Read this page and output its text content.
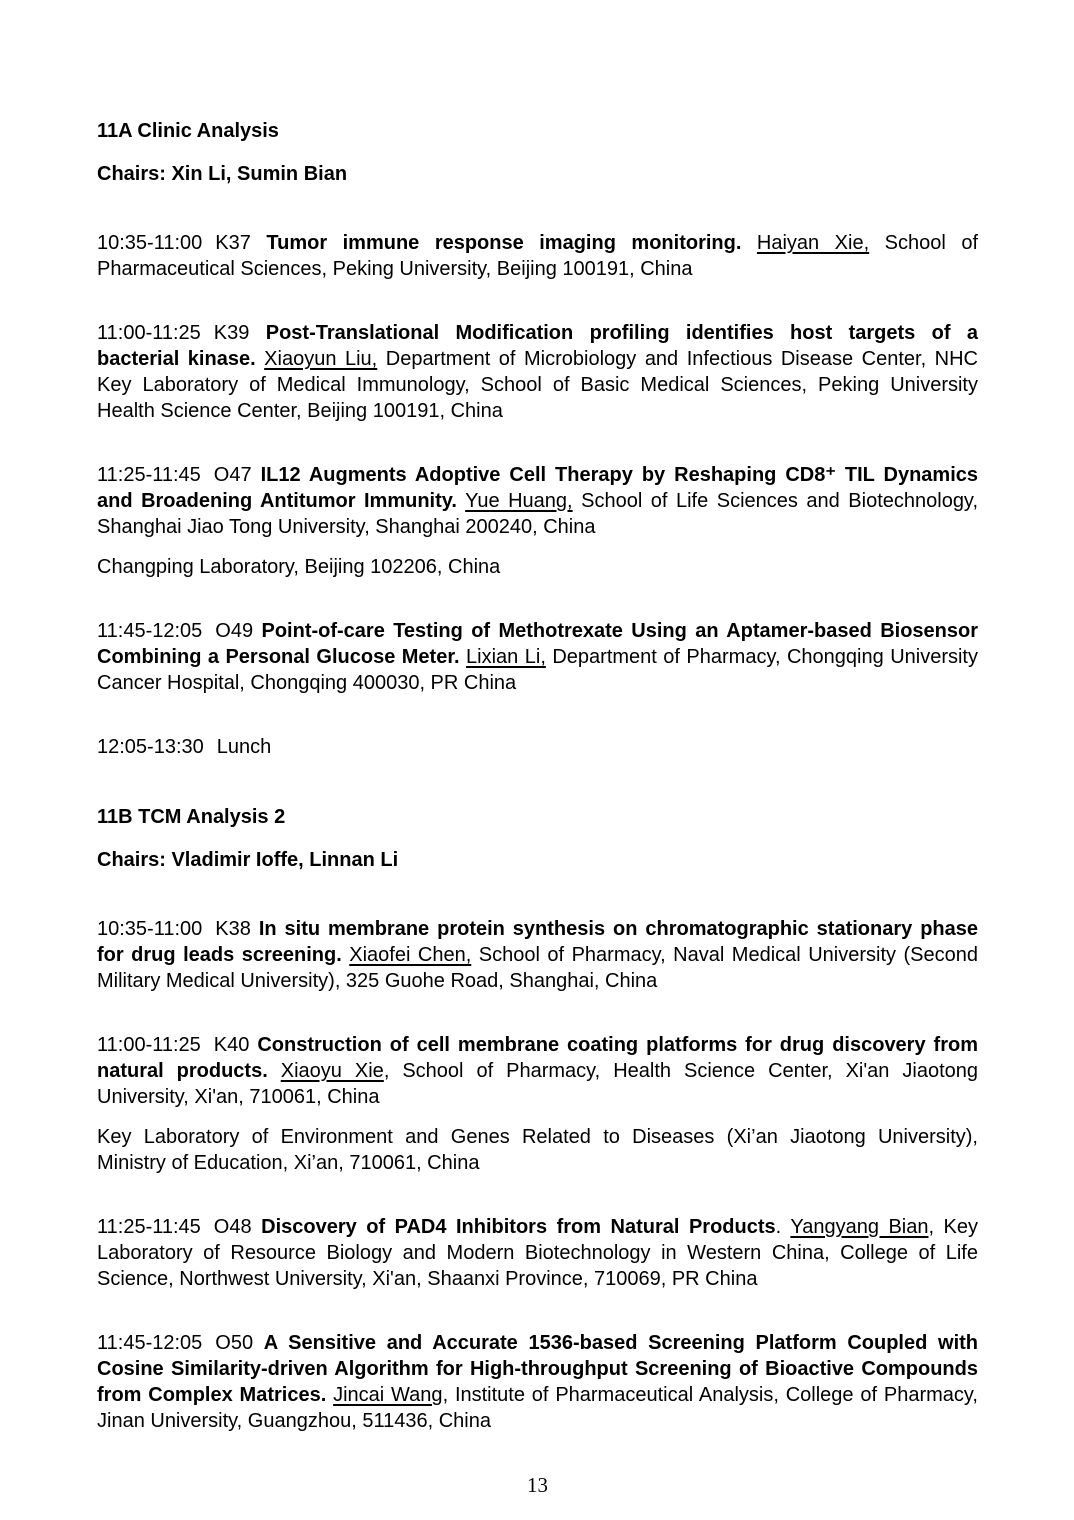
11A Clinic Analysis

Chairs: Xin Li, Sumin Bian

10:35-11:00 K37 Tumor immune response imaging monitoring. Haiyan Xie, School of Pharmaceutical Sciences, Peking University, Beijing 100191, China

11:00-11:25 K39 Post-Translational Modification profiling identifies host targets of a bacterial kinase. Xiaoyun Liu, Department of Microbiology and Infectious Disease Center, NHC Key Laboratory of Medical Immunology, School of Basic Medical Sciences, Peking University Health Science Center, Beijing 100191, China

11:25-11:45 O47 IL12 Augments Adoptive Cell Therapy by Reshaping CD8⁺ TIL Dynamics and Broadening Antitumor Immunity. Yue Huang, School of Life Sciences and Biotechnology, Shanghai Jiao Tong University, Shanghai 200240, China

Changping Laboratory, Beijing 102206, China

11:45-12:05 O49 Point-of-care Testing of Methotrexate Using an Aptamer-based Biosensor Combining a Personal Glucose Meter. Lixian Li, Department of Pharmacy, Chongqing University Cancer Hospital, Chongqing 400030, PR China

12:05-13:30 Lunch

11B TCM Analysis 2

Chairs: Vladimir Ioffe, Linnan Li

10:35-11:00 K38 In situ membrane protein synthesis on chromatographic stationary phase for drug leads screening. Xiaofei Chen, School of Pharmacy, Naval Medical University (Second Military Medical University), 325 Guohe Road, Shanghai, China

11:00-11:25 K40 Construction of cell membrane coating platforms for drug discovery from natural products. Xiaoyu Xie, School of Pharmacy, Health Science Center, Xi'an Jiaotong University, Xi'an, 710061, China

Key Laboratory of Environment and Genes Related to Diseases (Xi’an Jiaotong University), Ministry of Education, Xi’an, 710061, China

11:25-11:45 O48 Discovery of PAD4 Inhibitors from Natural Products. Yangyang Bian, Key Laboratory of Resource Biology and Modern Biotechnology in Western China, College of Life Science, Northwest University, Xi'an, Shaanxi Province, 710069, PR China

11:45-12:05 O50 A Sensitive and Accurate 1536-based Screening Platform Coupled with Cosine Similarity-driven Algorithm for High-throughput Screening of Bioactive Compounds from Complex Matrices. Jincai Wang, Institute of Pharmaceutical Analysis, College of Pharmacy, Jinan University, Guangzhou, 511436, China

13
